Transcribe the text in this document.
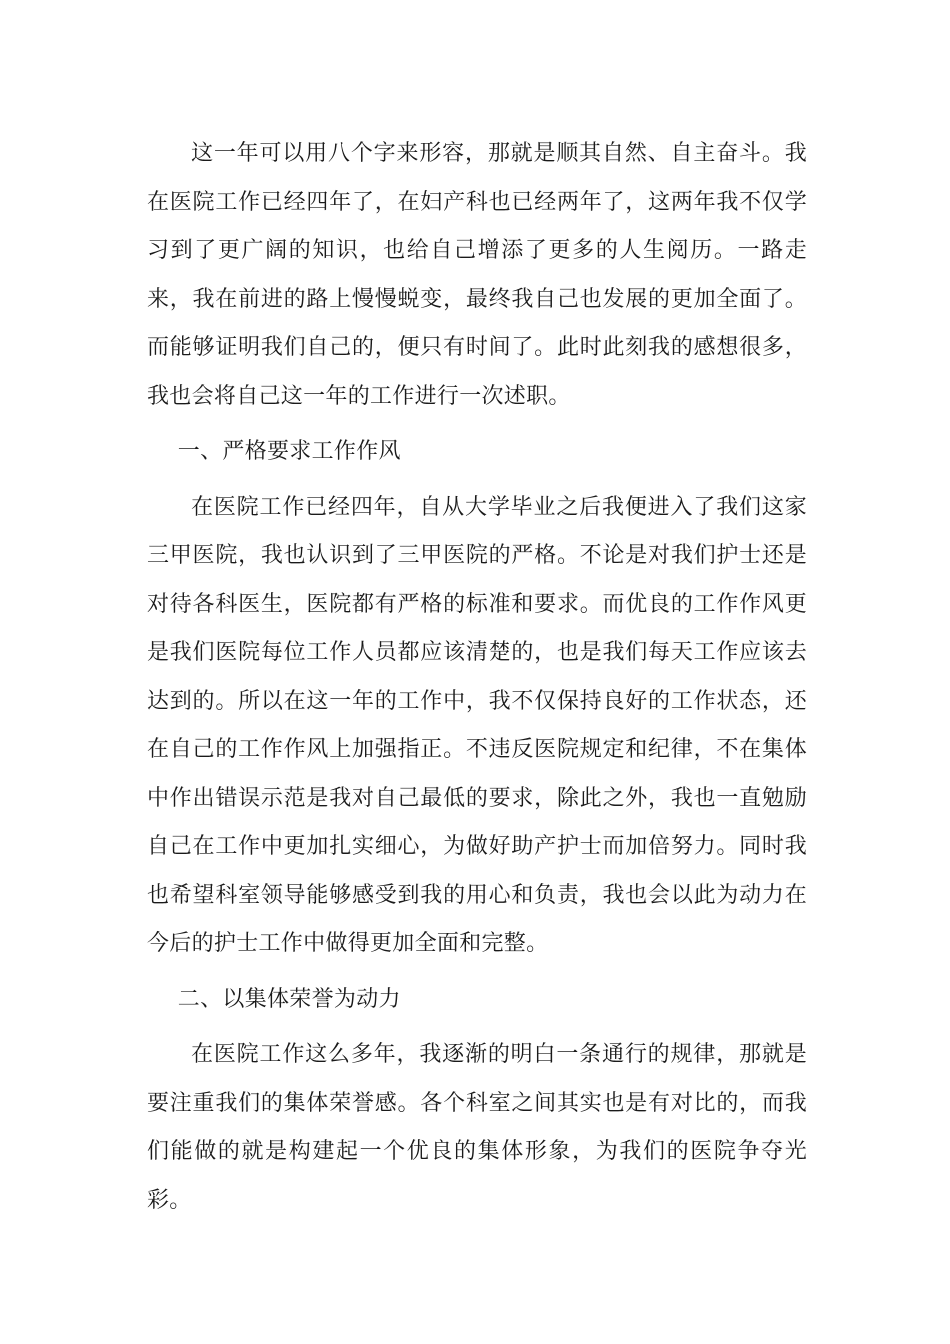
这一年可以用八个字来形容，那就是顺其自然、自主奋斗。我在医院工作已经四年了，在妇产科也已经两年了，这两年我不仅学习到了更广阔的知识，也给自己增添了更多的人生阅历。一路走来，我在前进的路上慢慢蜕变，最终我自己也发展的更加全面了。而能够证明我们自己的，便只有时间了。此时此刻我的感想很多，我也会将自己这一年的工作进行一次述职。

一、严格要求工作作风

在医院工作已经四年，自从大学毕业之后我便进入了我们这家三甲医院，我也认识到了三甲医院的严格。不论是对我们护士还是对待各科医生，医院都有严格的标准和要求。而优良的工作作风更是我们医院每位工作人员都应该清楚的，也是我们每天工作应该去达到的。所以在这一年的工作中，我不仅保持良好的工作状态，还在自己的工作作风上加强指正。不违反医院规定和纪律，不在集体中作出错误示范是我对自己最低的要求，除此之外，我也一直勉励自己在工作中更加扎实细心，为做好助产护士而加倍努力。同时我也希望科室领导能够感受到我的用心和负责，我也会以此为动力在今后的护士工作中做得更加全面和完整。

二、以集体荣誉为动力

在医院工作这么多年，我逐渐的明白一条通行的规律，那就是要注重我们的集体荣誉感。各个科室之间其实也是有对比的，而我们能做的就是构建起一个优良的集体形象，为我们的医院争夺光彩。
